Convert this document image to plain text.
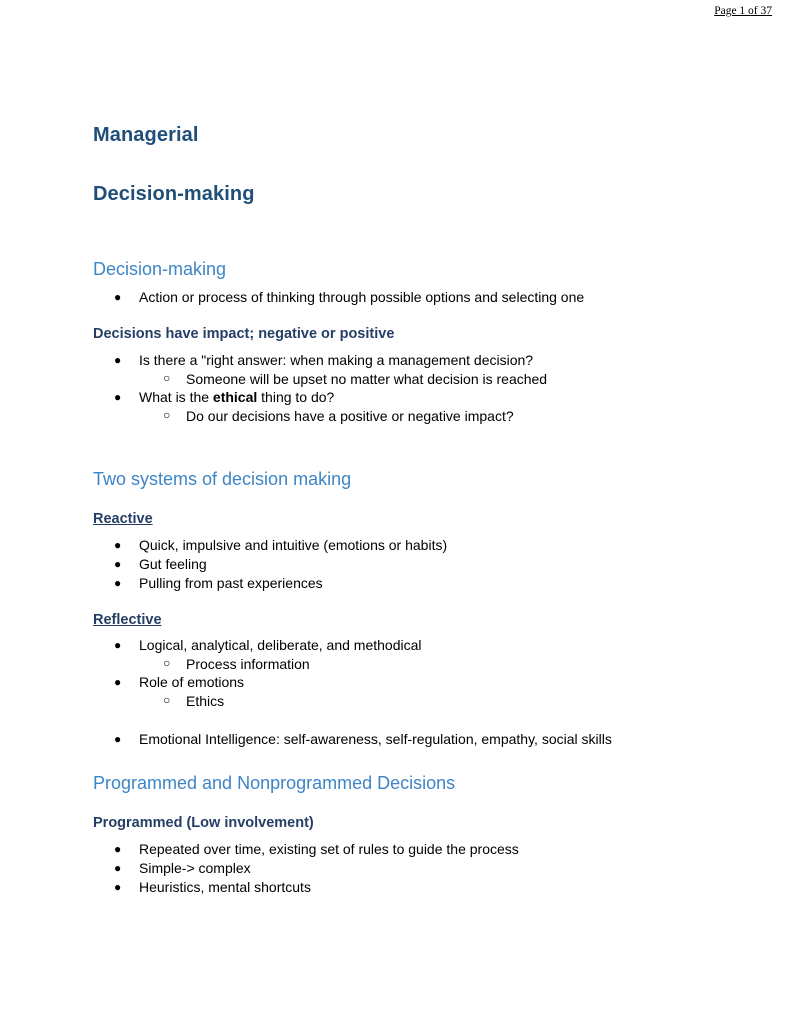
Page 1 of 37
Managerial
Decision-making
Decision-making
● Action or process of thinking through possible options and selecting one
Decisions have impact; negative or positive
● Is there a "right answer: when making a management decision?
○ Someone will be upset no matter what decision is reached
● What is the ethical thing to do?
○ Do our decisions have a positive or negative impact?
Two systems of decision making
Reactive
● Quick, impulsive and intuitive (emotions or habits)
● Gut feeling
● Pulling from past experiences
Reflective
● Logical, analytical, deliberate, and methodical
○ Process information
● Role of emotions
○ Ethics
● Emotional Intelligence: self-awareness, self-regulation, empathy, social skills
Programmed and Nonprogrammed Decisions
Programmed (Low involvement)
● Repeated over time, existing set of rules to guide the process
● Simple-> complex
● Heuristics, mental shortcuts
